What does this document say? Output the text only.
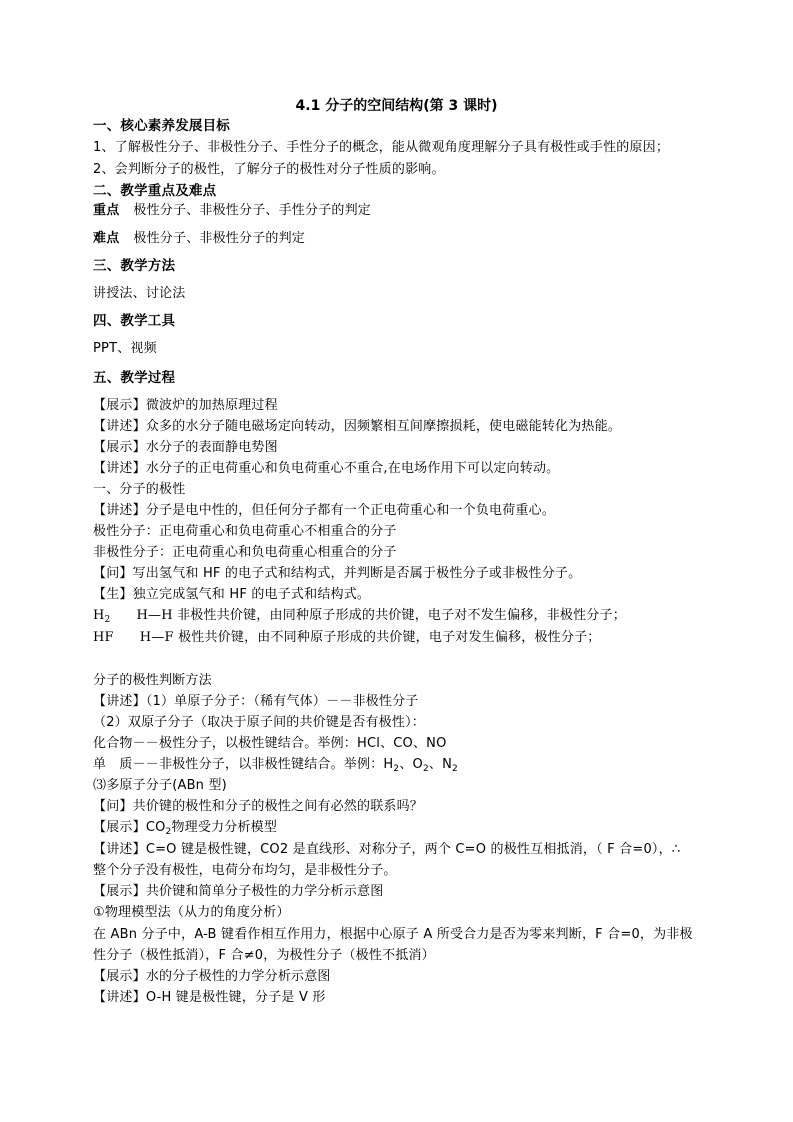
4.1 分子的空间结构(第 3 课时)
一、核心素养发展目标
1、了解极性分子、非极性分子、手性分子的概念，能从微观角度理解分子具有极性或手性的原因；
2、会判断分子的极性，了解分子的极性对分子性质的影响。
二、教学重点及难点
重点 极性分子、非极性分子、手性分子的判定
难点 极性分子、非极性分子的判定
三、教学方法
讲授法、讨论法
四、教学工具
PPT、视频
五、教学过程
【展示】微波炉的加热原理过程
【讲述】众多的水分子随电磁场定向转动，因频繁相互间摩擦损耗，使电磁能转化为热能。
【展示】水分子的表面静电势图
【讲述】水分子的正电荷重心和负电荷重心不重合,在电场作用下可以定向转动。
一、分子的极性
【讲述】分子是电中性的，但任何分子都有一个正电荷重心和一个负电荷重心。
极性分子：正电荷重心和负电荷重心不相重合的分子
非极性分子：正电荷重心和负电荷重心相重合的分子
【问】写出氢气和 HF 的电子式和结构式，并判断是否属于极性分子或非极性分子。
【生】独立完成氢气和 HF 的电子式和结构式。
$H_2$ H—H 非极性共价键，由同种原子形成的共价键，电子对不发生偏移，非极性分子；
HF H—F 极性共价键，由不同种原子形成的共价键，电子对发生偏移，极性分子；
分子的极性判断方法
【讲述】（1）单原子分子：（稀有气体）－－非极性分子
（2）双原子分子（取决于原子间的共价键是否有极性）：
化合物－－极性分子，以极性键结合。举例：HCl、CO、NO
单　质－－非极性分子，以非极性键结合。举例：$H_2$、$O_2$、$N_2$
⑶多原子分子(ABn 型)
【问】共价键的极性和分子的极性之间有必然的联系吗？
【展示】$CO_2$物理受力分析模型
【讲述】C=O 键是极性键，CO2 是直线形、对称分子，两个 C=O 的极性互相抵消，（ F 合=0），∴
整个分子没有极性，电荷分布均匀，是非极性分子。
【展示】共价键和简单分子极性的力学分析示意图
①物理模型法（从力的角度分析）
在 ABn 分子中，A-B 键看作相互作用力，根据中心原子 A 所受合力是否为零来判断，F 合=0，为非极
性分子（极性抵消），F 合≠0，为极性分子（极性不抵消）
【展示】水的分子极性的力学分析示意图
【讲述】O-H 键是极性键，分子是 V 形
